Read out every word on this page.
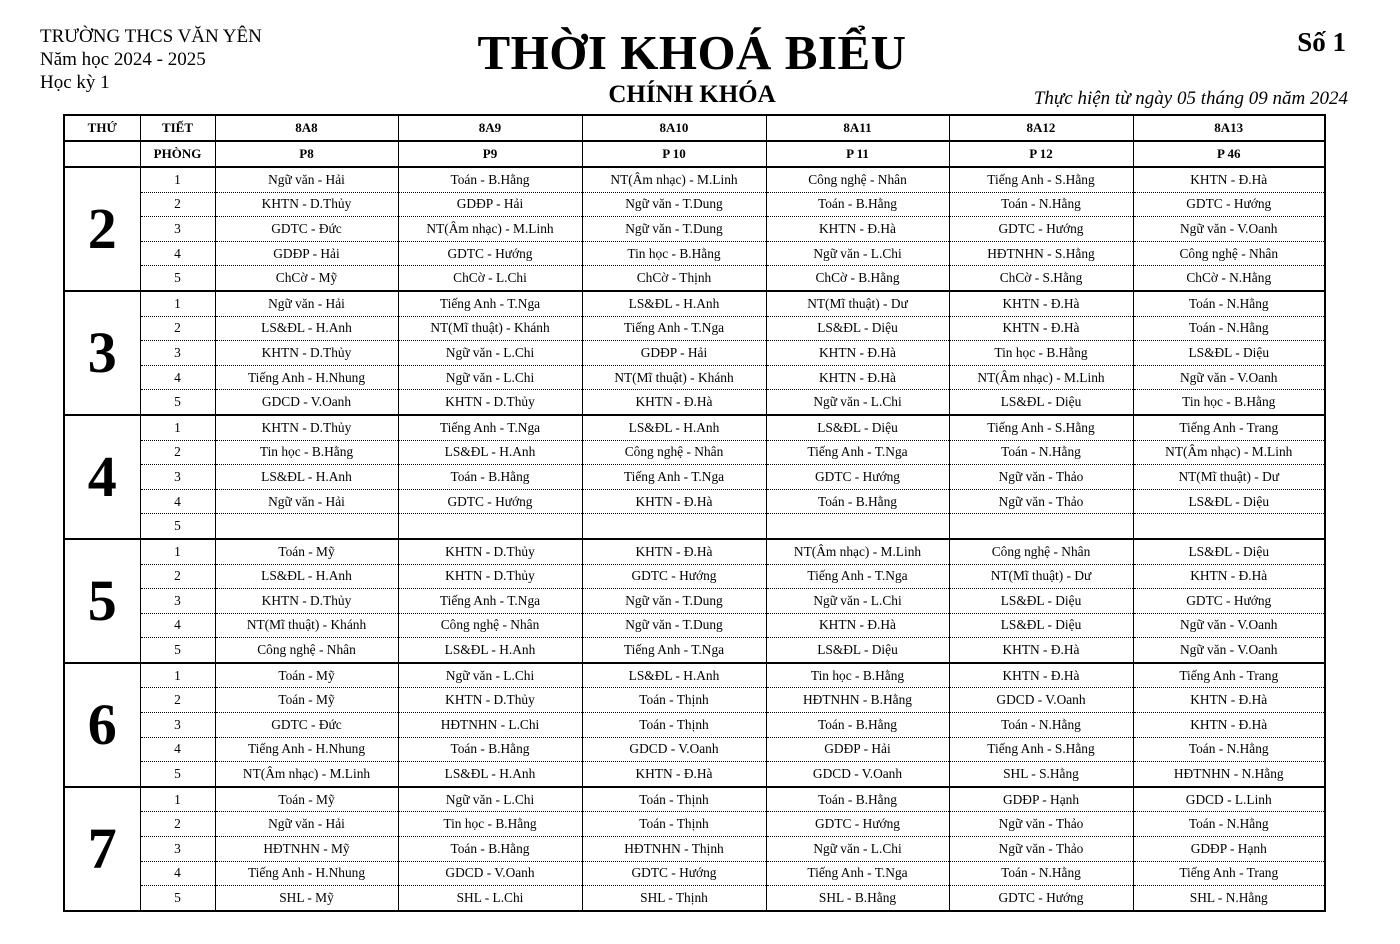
TRƯỜNG THCS VĂN YÊN
Năm học 2024 - 2025
Học kỳ 1
THỜI KHOÁ BIỂU
CHÍNH KHÓA
Số 1
Thực hiện từ ngày 05 tháng 09 năm 2024
THỨ	TIẾT	8A8	8A9	8A10	8A11	8A12	8A13
	PHÒNG	P8	P9	P 10	P 11	P 12	P 46
2	1	Ngữ văn - Hải	Toán - B.Hằng	NT(Âm nhạc) - M.Linh	Công nghệ - Nhân	Tiếng Anh - S.Hằng	KHTN - Đ.Hà
	2	KHTN - D.Thủy	GDĐP - Hải	Ngữ văn - T.Dung	Toán - B.Hằng	Toán - N.Hằng	GDTC - Hướng
	3	GDTC - Đức	NT(Âm nhạc) - M.Linh	Ngữ văn - T.Dung	KHTN - Đ.Hà	GDTC - Hướng	Ngữ văn - V.Oanh
	4	GDĐP - Hải	GDTC - Hướng	Tin học - B.Hằng	Ngữ văn - L.Chi	HĐTNHN - S.Hằng	Công nghệ - Nhân
	5	ChCờ - Mỹ	ChCờ - L.Chi	ChCờ - Thịnh	ChCờ - B.Hằng	ChCờ - S.Hằng	ChCờ - N.Hằng
3	1	Ngữ văn - Hải	Tiếng Anh - T.Nga	LS&ĐL - H.Anh	NT(Mĩ thuật) - Dư	KHTN - Đ.Hà	Toán - N.Hằng
	2	LS&ĐL - H.Anh	NT(Mĩ thuật) - Khánh	Tiếng Anh - T.Nga	LS&ĐL - Diệu	KHTN - Đ.Hà	Toán - N.Hằng
	3	KHTN - D.Thủy	Ngữ văn - L.Chi	GDĐP - Hải	KHTN - Đ.Hà	Tin học - B.Hằng	LS&ĐL - Diệu
	4	Tiếng Anh - H.Nhung	Ngữ văn - L.Chi	NT(Mĩ thuật) - Khánh	KHTN - Đ.Hà	NT(Âm nhạc) - M.Linh	Ngữ văn - V.Oanh
	5	GDCD - V.Oanh	KHTN - D.Thủy	KHTN - Đ.Hà	Ngữ văn - L.Chi	LS&ĐL - Diệu	Tin học - B.Hằng
4	1	KHTN - D.Thủy	Tiếng Anh - T.Nga	LS&ĐL - H.Anh	LS&ĐL - Diệu	Tiếng Anh - S.Hằng	Tiếng Anh - Trang
	2	Tin học - B.Hằng	LS&ĐL - H.Anh	Công nghệ - Nhân	Tiếng Anh - T.Nga	Toán - N.Hằng	NT(Âm nhạc) - M.Linh
	3	LS&ĐL - H.Anh	Toán - B.Hằng	Tiếng Anh - T.Nga	GDTC - Hướng	Ngữ văn - Thảo	NT(Mĩ thuật) - Dư
	4	Ngữ văn - Hải	GDTC - Hướng	KHTN - Đ.Hà	Toán - B.Hằng	Ngữ văn - Thảo	LS&ĐL - Diệu
	5						
5	1	Toán - Mỹ	KHTN - D.Thủy	KHTN - Đ.Hà	NT(Âm nhạc) - M.Linh	Công nghệ - Nhân	LS&ĐL - Diệu
	2	LS&ĐL - H.Anh	KHTN - D.Thủy	GDTC - Hướng	Tiếng Anh - T.Nga	NT(Mĩ thuật) - Dư	KHTN - Đ.Hà
	3	KHTN - D.Thủy	Tiếng Anh - T.Nga	Ngữ văn - T.Dung	Ngữ văn - L.Chi	LS&ĐL - Diệu	GDTC - Hướng
	4	NT(Mĩ thuật) - Khánh	Công nghệ - Nhân	Ngữ văn - T.Dung	KHTN - Đ.Hà	LS&ĐL - Diệu	Ngữ văn - V.Oanh
	5	Công nghệ - Nhân	LS&ĐL - H.Anh	Tiếng Anh - T.Nga	LS&ĐL - Diệu	KHTN - Đ.Hà	Ngữ văn - V.Oanh
6	1	Toán - Mỹ	Ngữ văn - L.Chi	LS&ĐL - H.Anh	Tin học - B.Hằng	KHTN - Đ.Hà	Tiếng Anh - Trang
	2	Toán - Mỹ	KHTN - D.Thủy	Toán - Thịnh	HĐTNHN - B.Hằng	GDCD - V.Oanh	KHTN - Đ.Hà
	3	GDTC - Đức	HĐTNHN - L.Chi	Toán - Thịnh	Toán - B.Hằng	Toán - N.Hằng	KHTN - Đ.Hà
	4	Tiếng Anh - H.Nhung	Toán - B.Hằng	GDCD - V.Oanh	GDĐP - Hải	Tiếng Anh - S.Hằng	Toán - N.Hằng
	5	NT(Âm nhạc) - M.Linh	LS&ĐL - H.Anh	KHTN - Đ.Hà	GDCD - V.Oanh	SHL - S.Hằng	HĐTNHN - N.Hằng
7	1	Toán - Mỹ	Ngữ văn - L.Chi	Toán - Thịnh	Toán - B.Hằng	GDĐP - Hạnh	GDCD - L.Linh
	2	Ngữ văn - Hải	Tin học - B.Hằng	Toán - Thịnh	GDTC - Hướng	Ngữ văn - Thảo	Toán - N.Hằng
	3	HĐTNHN - Mỹ	Toán - B.Hằng	HĐTNHN - Thịnh	Ngữ văn - L.Chi	Ngữ văn - Thảo	GDĐP - Hạnh
	4	Tiếng Anh - H.Nhung	GDCD - V.Oanh	GDTC - Hướng	Tiếng Anh - T.Nga	Toán - N.Hằng	Tiếng Anh - Trang
	5	SHL - Mỹ	SHL - L.Chi	SHL - Thịnh	SHL - B.Hằng	GDTC - Hướng	SHL - N.Hằng
